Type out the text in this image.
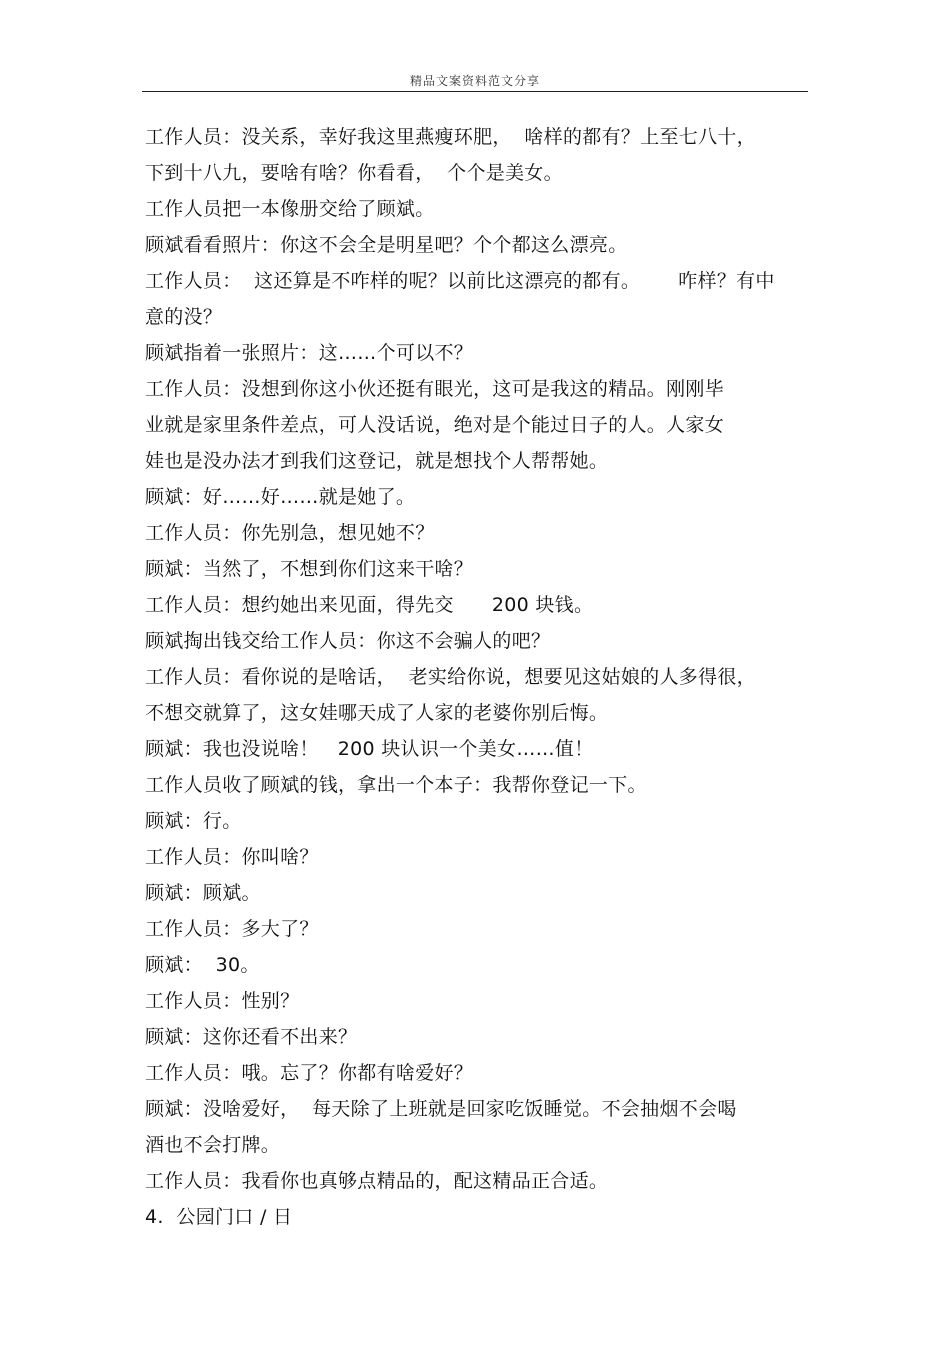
$_{精品文案资料范文分享}$
工作人员：没关系，幸好我这里燕瘦环肥，  啥样的都有？上至七八十，
下到十八九，要啥有啥？你看看，  个个是美女。
工作人员把一本像册交给了顾斌。
顾斌看看照片：你这不会全是明星吧？个个都这么漂亮。
工作人员：  这还算是不咋样的呢？以前比这漂亮的都有。      咋样？有中
意的没？
顾斌指着一张照片：这……个可以不？
工作人员：没想到你这小伙还挺有眼光，这可是我这的精品。刚刚毕
业就是家里条件差点，可人没话说，绝对是个能过日子的人。人家女
娃也是没办法才到我们这登记，就是想找个人帮帮她。
顾斌：好……好……就是她了。
工作人员：你先别急，想见她不？
顾斌：当然了，不想到你们这来干啥？
工作人员：想约她出来见面，得先交      200 块钱。
顾斌掏出钱交给工作人员：你这不会骗人的吧？
工作人员：看你说的是啥话，  老实给你说，想要见这姑娘的人多得很，
不想交就算了，这女娃哪天成了人家的老婆你别后悔。
顾斌：我也没说啥！   200 块认识一个美女……值！
工作人员收了顾斌的钱，拿出一个本子：我帮你登记一下。
顾斌：行。
工作人员：你叫啥？
顾斌：顾斌。
工作人员：多大了？
顾斌：  30。
工作人员：性别？
顾斌：这你还看不出来？
工作人员：哦。忘了？你都有啥爱好？
顾斌：没啥爱好，  每天除了上班就是回家吃饭睡觉。不会抽烟不会喝
酒也不会打牌。
工作人员：我看你也真够点精品的，配这精品正合适。
4.  公园门口 / 日
